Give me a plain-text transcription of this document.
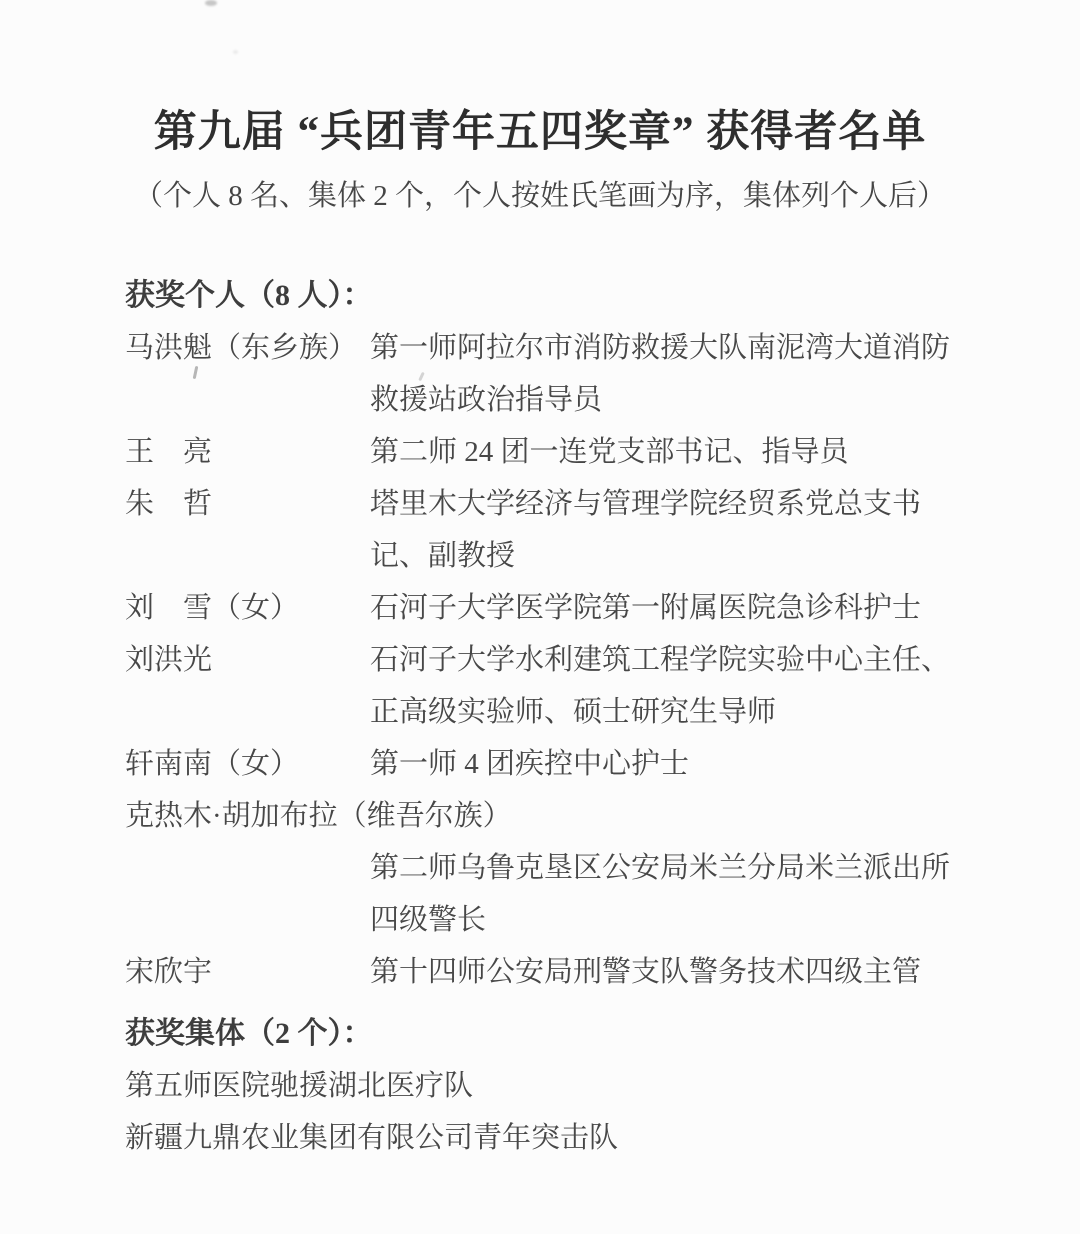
第九届 “兵团青年五四奖章” 获得者名单
（个人 8 名、集体 2 个，个人按姓氏笔画为序，集体列个人后）
获奖个人（8 人）：
马洪魁（东乡族） 第一师阿拉尔市消防救援大队南泥湾大道消防
救援站政治指导员
王　亮	第二师 24 团一连党支部书记、指导员
朱　哲	塔里木大学经济与管理学院经贸系党总支书
记、副教授
刘　雪（女）	石河子大学医学院第一附属医院急诊科护士
刘洪光	石河子大学水利建筑工程学院实验中心主任、
正高级实验师、硕士研究生导师
轩南南（女）	第一师 4 团疾控中心护士
克热木·胡加布拉（维吾尔族）
第二师乌鲁克垦区公安局米兰分局米兰派出所
四级警长
宋欣宇	第十四师公安局刑警支队警务技术四级主管
获奖集体（2 个）：
第五师医院驰援湖北医疗队
新疆九鼎农业集团有限公司青年突击队
